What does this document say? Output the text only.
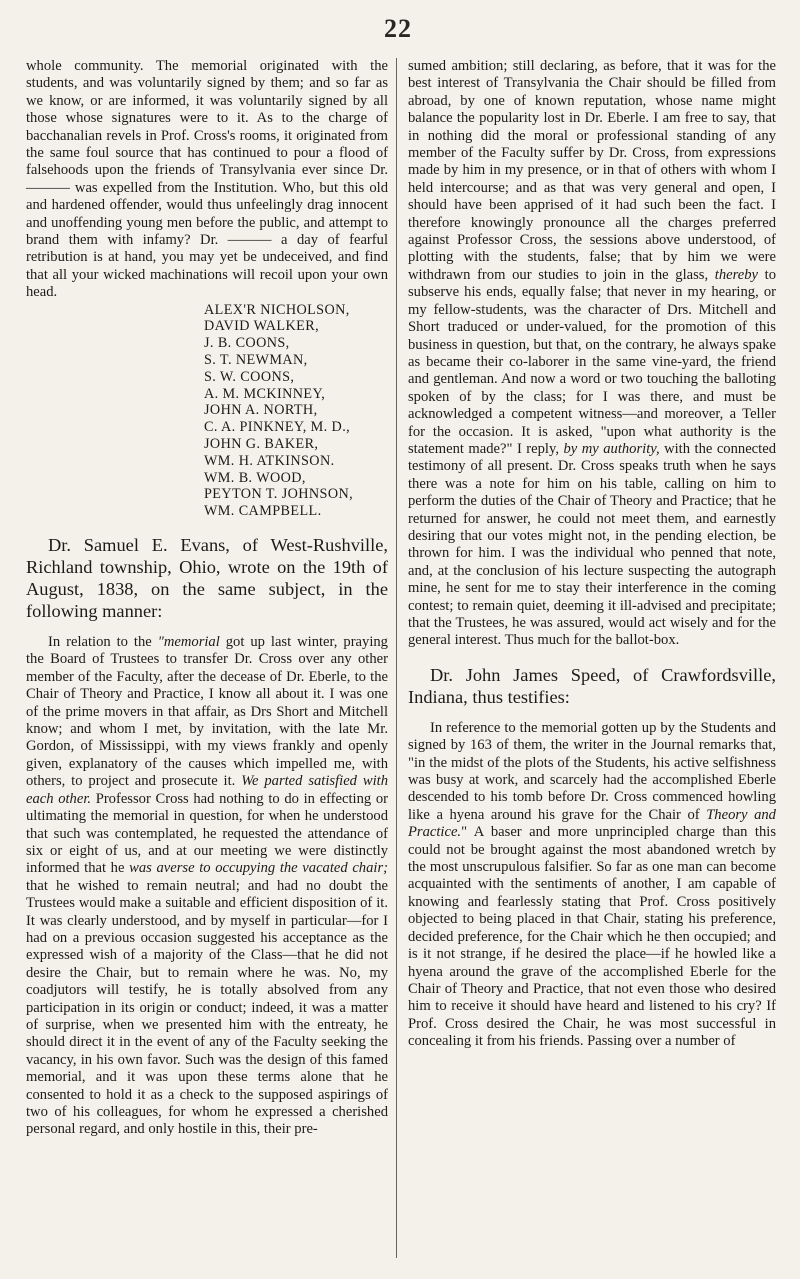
22

whole community. The memorial originated with the students, and was voluntarily signed by them; and so far as we know, or are informed, it was voluntarily signed by all those whose signatures were to it. As to the charge of bacchanalian revels in Prof. Cross's rooms, it originated from the same foul source that has continued to pour a flood of falsehoods upon the friends of Transylvania ever since Dr. ——— was expelled from the Institution. Who, but this old and hardened offender, would thus unfeelingly drag innocent and unoffending young men before the public, and attempt to brand them with infamy? Dr. ——— a day of fearful retribution is at hand, you may yet be undeceived, and find that all your wicked machinations will recoil upon your own head.

ALEX'R NICHOLSON,
DAVID WALKER,
J. B. COONS,
S. T. NEWMAN,
S. W. COONS,
A. M. MCKINNEY,
JOHN A. NORTH,
C. A. PINKNEY, M. D.,
JOHN G. BAKER,
WM. H. ATKINSON.
WM. B. WOOD,
PEYTON T. JOHNSON,
WM. CAMPBELL.

Dr. Samuel E. Evans, of West-Rushville, Richland township, Ohio, wrote on the 19th of August, 1838, on the same subject, in the following manner:

In relation to the "memorial got up last winter, praying the Board of Trustees to transfer Dr. Cross over any other member of the Faculty, after the decease of Dr. Eberle, to the Chair of Theory and Practice, I know all about it. I was one of the prime movers in that affair, as Drs Short and Mitchell know; and whom I met, by invitation, with the late Mr. Gordon, of Mississippi, with my views frankly and openly given, explanatory of the causes which impelled me, with others, to project and prosecute it. We parted satisfied with each other. Professor Cross had nothing to do in effecting or ultimating the memorial in question, for when he understood that such was contemplated, he requested the attendance of six or eight of us, and at our meeting we were distinctly informed that he was averse to occupying the vacated chair; that he wished to remain neutral; and had no doubt the Trustees would make a suitable and efficient disposition of it. It was clearly understood, and by myself in particular—for I had on a previous occasion suggested his acceptance as the expressed wish of a majority of the Class—that he did not desire the Chair, but to remain where he was. No, my coadjutors will testify, he is totally absolved from any participation in its origin or conduct; indeed, it was a matter of surprise, when we presented him with the entreaty, he should direct it in the event of any of the Faculty seeking the vacancy, in his own favor. Such was the design of this famed memorial, and it was upon these terms alone that he consented to hold it as a check to the supposed aspirings of two of his colleagues, for whom he expressed a cherished personal regard, and only hostile in this, their pre-

sumed ambition; still declaring, as before, that it was for the best interest of Transylvania the Chair should be filled from abroad, by one of known reputation, whose name might balance the popularity lost in Dr. Eberle. I am free to say, that in nothing did the moral or professional standing of any member of the Faculty suffer by Dr. Cross, from expressions made by him in my presence, or in that of others with whom I held intercourse; and as that was very general and open, I should have been apprised of it had such been the fact. I therefore knowingly pronounce all the charges preferred against Professor Cross, the sessions above understood, of plotting with the students, false; that by him we were withdrawn from our studies to join in the glass, thereby to subserve his ends, equally false; that never in my hearing, or my fellow-students, was the character of Drs. Mitchell and Short traduced or under-valued, for the promotion of this business in question, but that, on the contrary, he always spake as became their co-laborer in the same vine-yard, the friend and gentleman. And now a word or two touching the balloting spoken of by the class; for I was there, and must be acknowledged a competent witness—and moreover, a Teller for the occasion. It is asked, "upon what authority is the statement made?" I reply, by my authority, with the connected testimony of all present. Dr. Cross speaks truth when he says there was a note for him on his table, calling on him to perform the duties of the Chair of Theory and Practice; that he returned for answer, he could not meet them, and earnestly desiring that our votes might not, in the pending election, be thrown for him. I was the individual who penned that note, and, at the conclusion of his lecture suspecting the autograph mine, he sent for me to stay their interference in the coming contest; to remain quiet, deeming it ill-advised and precipitate; that the Trustees, he was assured, would act wisely and for the general interest. Thus much for the ballot-box.

Dr. John James Speed, of Crawfordsville, Indiana, thus testifies:

In reference to the memorial gotten up by the Students and signed by 163 of them, the writer in the Journal remarks that, "in the midst of the plots of the Students, his active selfishness was busy at work, and scarcely had the accomplished Eberle descended to his tomb before Dr. Cross commenced howling like a hyena around his grave for the Chair of Theory and Practice." A baser and more unprincipled charge than this could not be brought against the most abandoned wretch by the most unscrupulous falsifier. So far as one man can become acquainted with the sentiments of another, I am capable of knowing and fearlessly stating that Prof. Cross positively objected to being placed in that Chair, stating his preference, decided preference, for the Chair which he then occupied; and is it not strange, if he desired the place—if he howled like a hyena around the grave of the accomplished Eberle for the Chair of Theory and Practice, that not even those who desired him to receive it should have heard and listened to his cry? If Prof. Cross desired the Chair, he was most successful in concealing it from his friends. Passing over a number of
